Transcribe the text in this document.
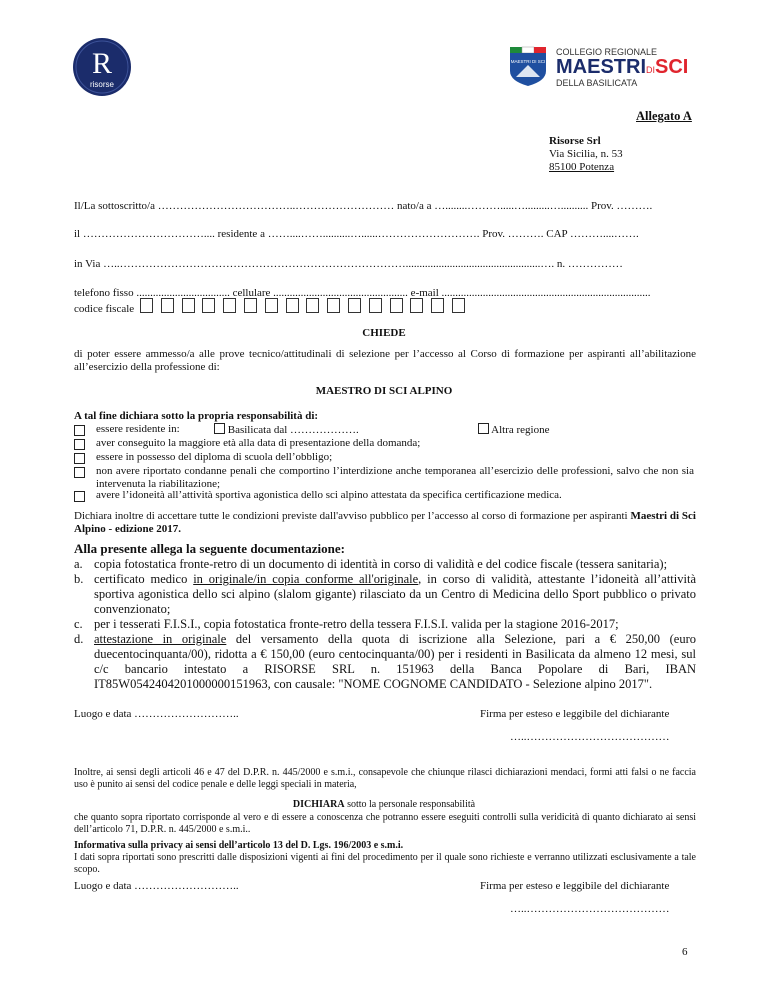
R
risorse
MAESTRI DI SCI
COLLEGIO REGIONALE
MAESTRIDISCI
DELLA BASILICATA
Allegato A
Risorse Srl
Via Sicilia, n. 53
85100 Potenza
Il/La sottoscritto/a ………………………………..……………………… nato/a a …........……….....….........….......... Prov. ……….
il …………………………….... residente a ……....……..........…......………………………. Prov. ………. CAP ………....…….
in Via …..…………………………………………………………………….................................................…. n. ……………
telefono fisso .................................. cellulare ................................................. e-mail ............................................................................
codice fiscale
CHIEDE
di poter essere ammesso/a alle prove tecnico/attitudinali di selezione per l’accesso al Corso di formazione per aspiranti all’abilitazione all’esercizio della professione di:
MAESTRO DI SCI ALPINO
A tal fine dichiara sotto la propria responsabilità di:
essere residente in:	Basilicata dal ……………….	Altra regione
aver conseguito la maggiore età alla data di presentazione della domanda;
essere in possesso del diploma di scuola dell’obbligo;
non avere riportato condanne penali che comportino l’interdizione anche temporanea all’esercizio delle professioni, salvo che non sia intervenuta la riabilitazione;
avere l’idoneità all’attività sportiva agonistica dello sci alpino attestata da specifica certificazione medica.
Dichiara inoltre di accettare tutte le condizioni previste dall'avviso pubblico per l’accesso al corso di formazione per aspiranti Maestri di Sci Alpino - edizione 2017.
Alla presente allega la seguente documentazione:
a. copia fotostatica fronte-retro di un documento di identità in corso di validità e del codice fiscale (tessera sanitaria);
b. certificato medico in originale/in copia conforme all'originale, in corso di validità, attestante l’idoneità all’attività sportiva agonistica dello sci alpino (slalom gigante) rilasciato da un Centro di Medicina dello Sport pubblico o privato convenzionato;
c. per i tesserati F.I.S.I., copia fotostatica fronte-retro della tessera F.I.S.I. valida per la stagione 2016-2017;
d. attestazione in originale del versamento della quota di iscrizione alla Selezione, pari a € 250,00 (euro duecentocinquanta/00), ridotta a € 150,00 (euro centocinquanta/00) per i residenti in Basilicata da almeno 12 mesi, sul c/c bancario intestato a RISORSE SRL n. 151963 della Banca Popolare di Bari, IBAN IT85W0542404201000000151963, con causale: "NOME COGNOME CANDIDATO - Selezione alpino 2017".
Luogo e data ………………………..	Firma per esteso e leggibile del dichiarante
…..…………………………………
Inoltre, ai sensi degli articoli 46 e 47 del D.P.R. n. 445/2000 e s.m.i., consapevole che chiunque rilasci dichiarazioni mendaci, formi atti falsi o ne faccia uso è punito ai sensi del codice penale e delle leggi speciali in materia,
DICHIARA sotto la personale responsabilità
che quanto sopra riportato corrisponde al vero e di essere a conoscenza che potranno essere eseguiti controlli sulla veridicità di quanto dichiarato ai sensi dell’articolo 71, D.P.R. n. 445/2000 e s.m.i..
Informativa sulla privacy ai sensi dell’articolo 13 del D. Lgs. 196/2003 e s.m.i.
I dati sopra riportati sono prescritti dalle disposizioni vigenti ai fini del procedimento per il quale sono richieste e verranno utilizzati esclusivamente a tale scopo.
Luogo e data ………………………..	Firma per esteso e leggibile del dichiarante
…..…………………………………
6
